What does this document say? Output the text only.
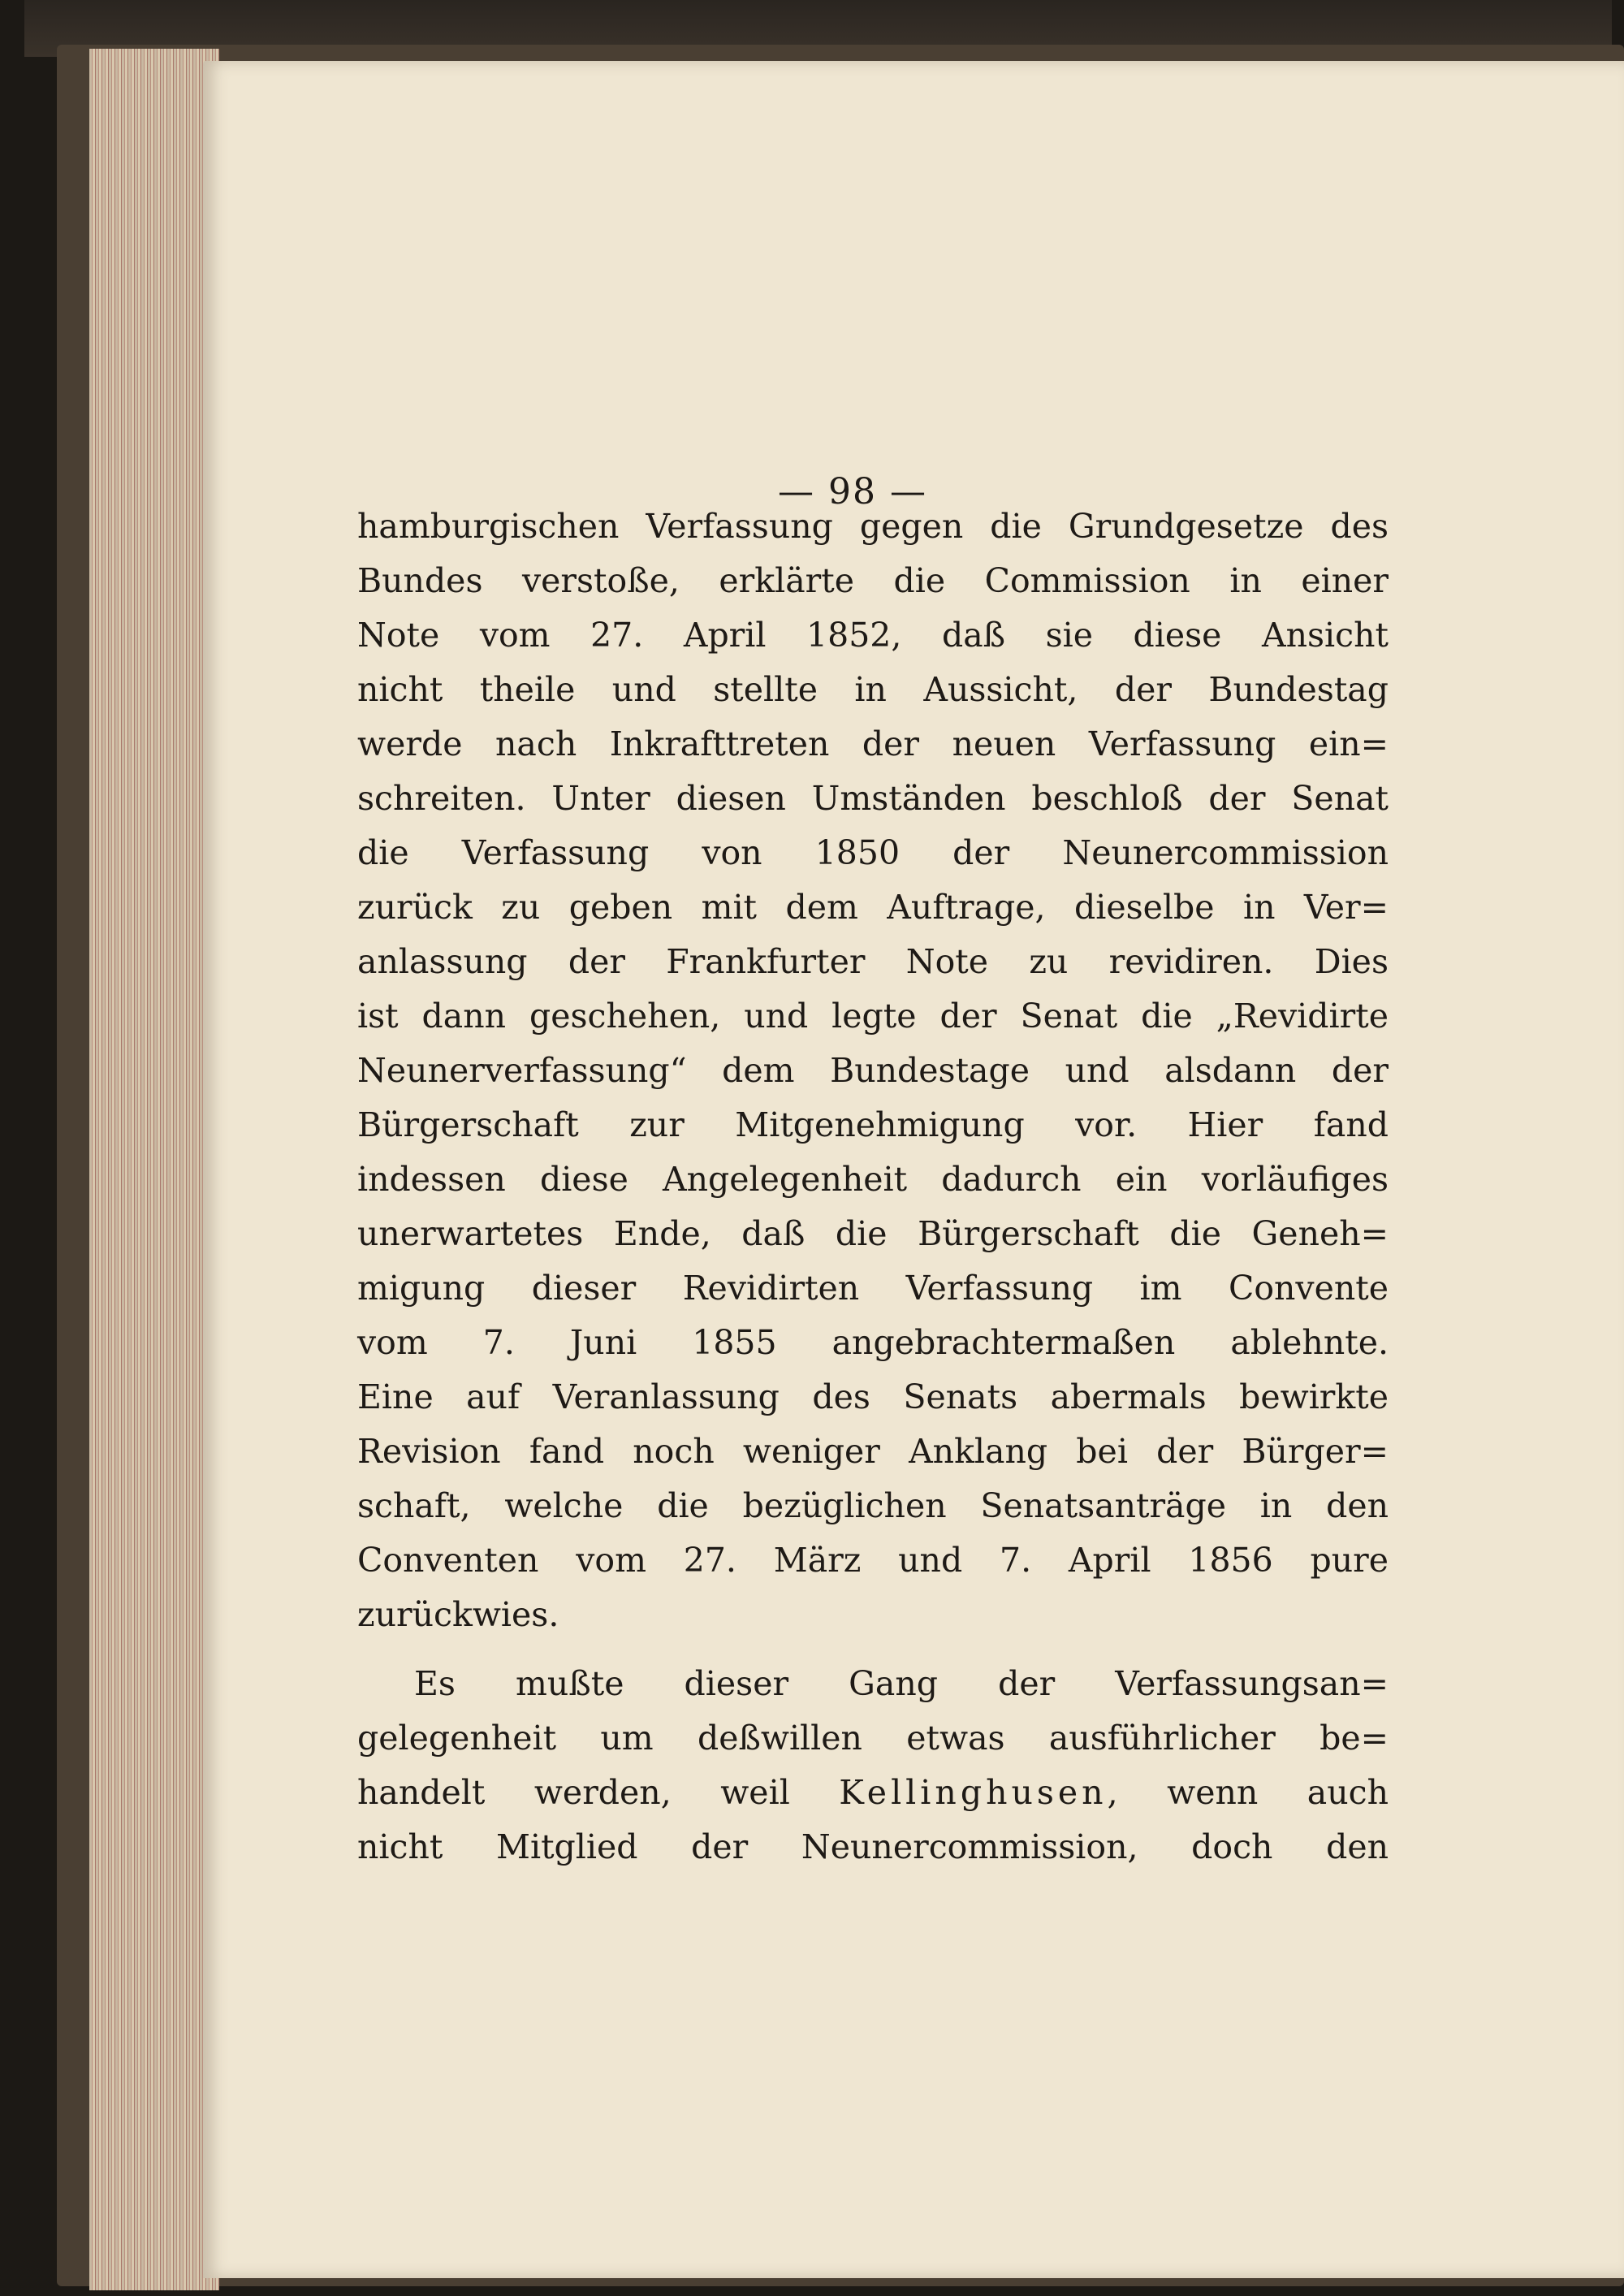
— 98 —
hamburgischen Verfassung gegen die Grundgesetze des
Bundes verstoße, erklärte die Commission in einer
Note vom 27. April 1852, daß sie diese Ansicht
nicht theile und stellte in Aussicht, der Bundestag
werde nach Inkrafttreten der neuen Verfassung ein=
schreiten. Unter diesen Umständen beschloß der Senat
die Verfassung von 1850 der Neunercommission
zurück zu geben mit dem Auftrage, dieselbe in Ver=
anlassung der Frankfurter Note zu revidiren. Dies
ist dann geschehen, und legte der Senat die „Revidirte
Neunerverfassung“ dem Bundestage und alsdann der
Bürgerschaft zur Mitgenehmigung vor. Hier fand
indessen diese Angelegenheit dadurch ein vorläufiges
unerwartetes Ende, daß die Bürgerschaft die Geneh=
migung dieser Revidirten Verfassung im Convente
vom 7. Juni 1855 angebrachtermaßen ablehnte.
Eine auf Veranlassung des Senats abermals bewirkte
Revision fand noch weniger Anklang bei der Bürger=
schaft, welche die bezüglichen Senatsanträge in den
Conventen vom 27. März und 7. April 1856 pure
zurückwies.
Es mußte dieser Gang der Verfassungsan=
gelegenheit um deßwillen etwas ausführlicher be=
handelt werden, weil Kellinghusen, wenn auch
nicht Mitglied der Neunercommission, doch den
